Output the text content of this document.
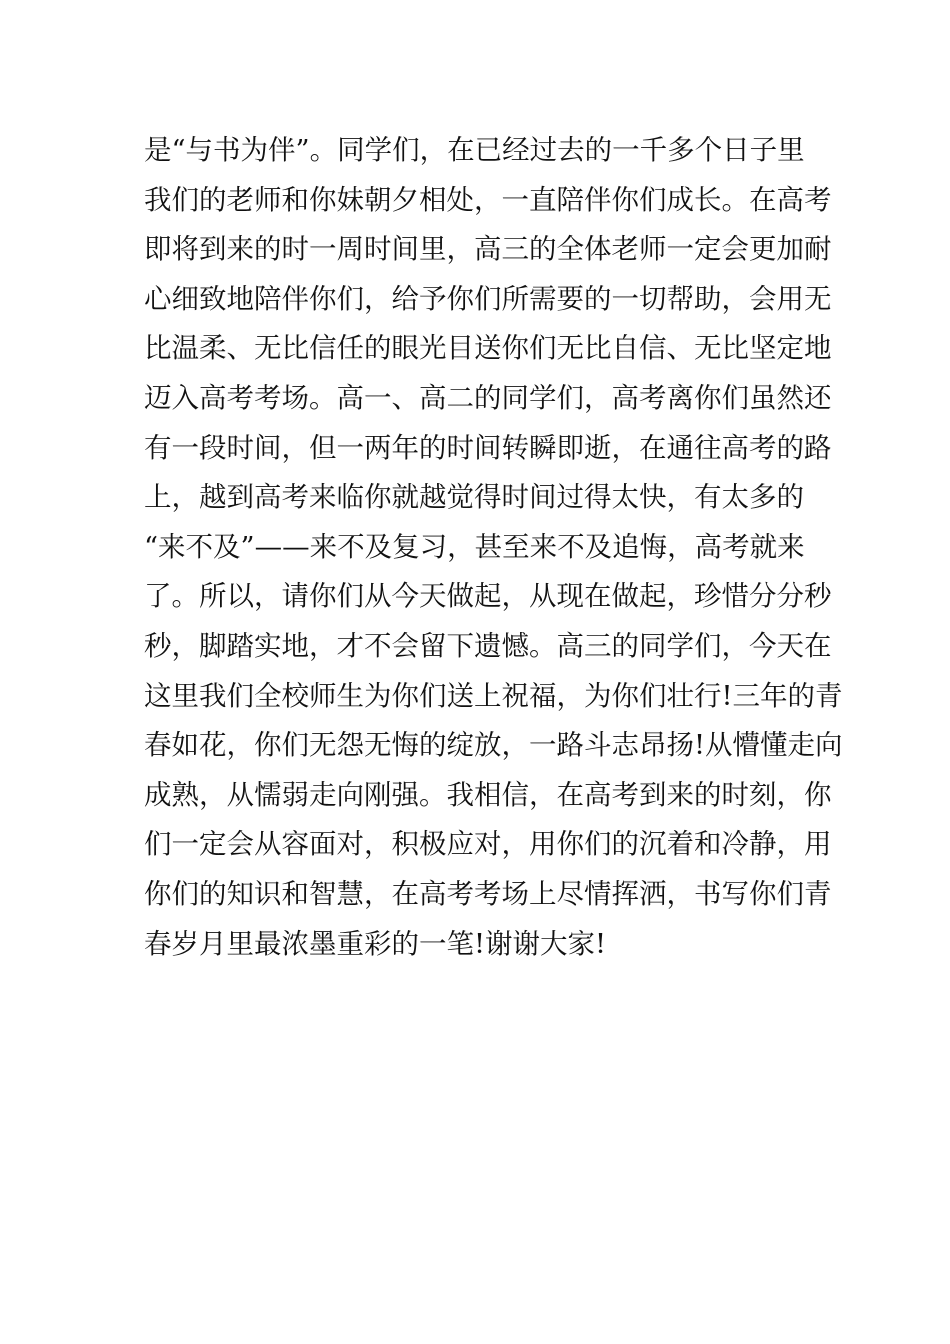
是“与书为伴”。同学们，在已经过去的一千多个日子里
我们的老师和你妹朝夕相处，一直陪伴你们成长。在高考
即将到来的时一周时间里，高三的全体老师一定会更加耐
心细致地陪伴你们，给予你们所需要的一切帮助，会用无
比温柔、无比信任的眼光目送你们无比自信、无比坚定地
迈入高考考场。高一、高二的同学们，高考离你们虽然还
有一段时间，但一两年的时间转瞬即逝，在通往高考的路
上，越到高考来临你就越觉得时间过得太快，有太多的
“来不及”——来不及复习，甚至来不及追悔，高考就来
了。所以，请你们从今天做起，从现在做起，珍惜分分秒
秒，脚踏实地，才不会留下遗憾。高三的同学们，今天在
这里我们全校师生为你们送上祝福，为你们壮行!三年的青
春如花，你们无怨无悔的绽放，一路斗志昂扬!从懵懂走向
成熟，从懦弱走向刚强。我相信，在高考到来的时刻，你
们一定会从容面对，积极应对，用你们的沉着和冷静，用
你们的知识和智慧，在高考考场上尽情挥洒，书写你们青
春岁月里最浓墨重彩的一笔!谢谢大家!
